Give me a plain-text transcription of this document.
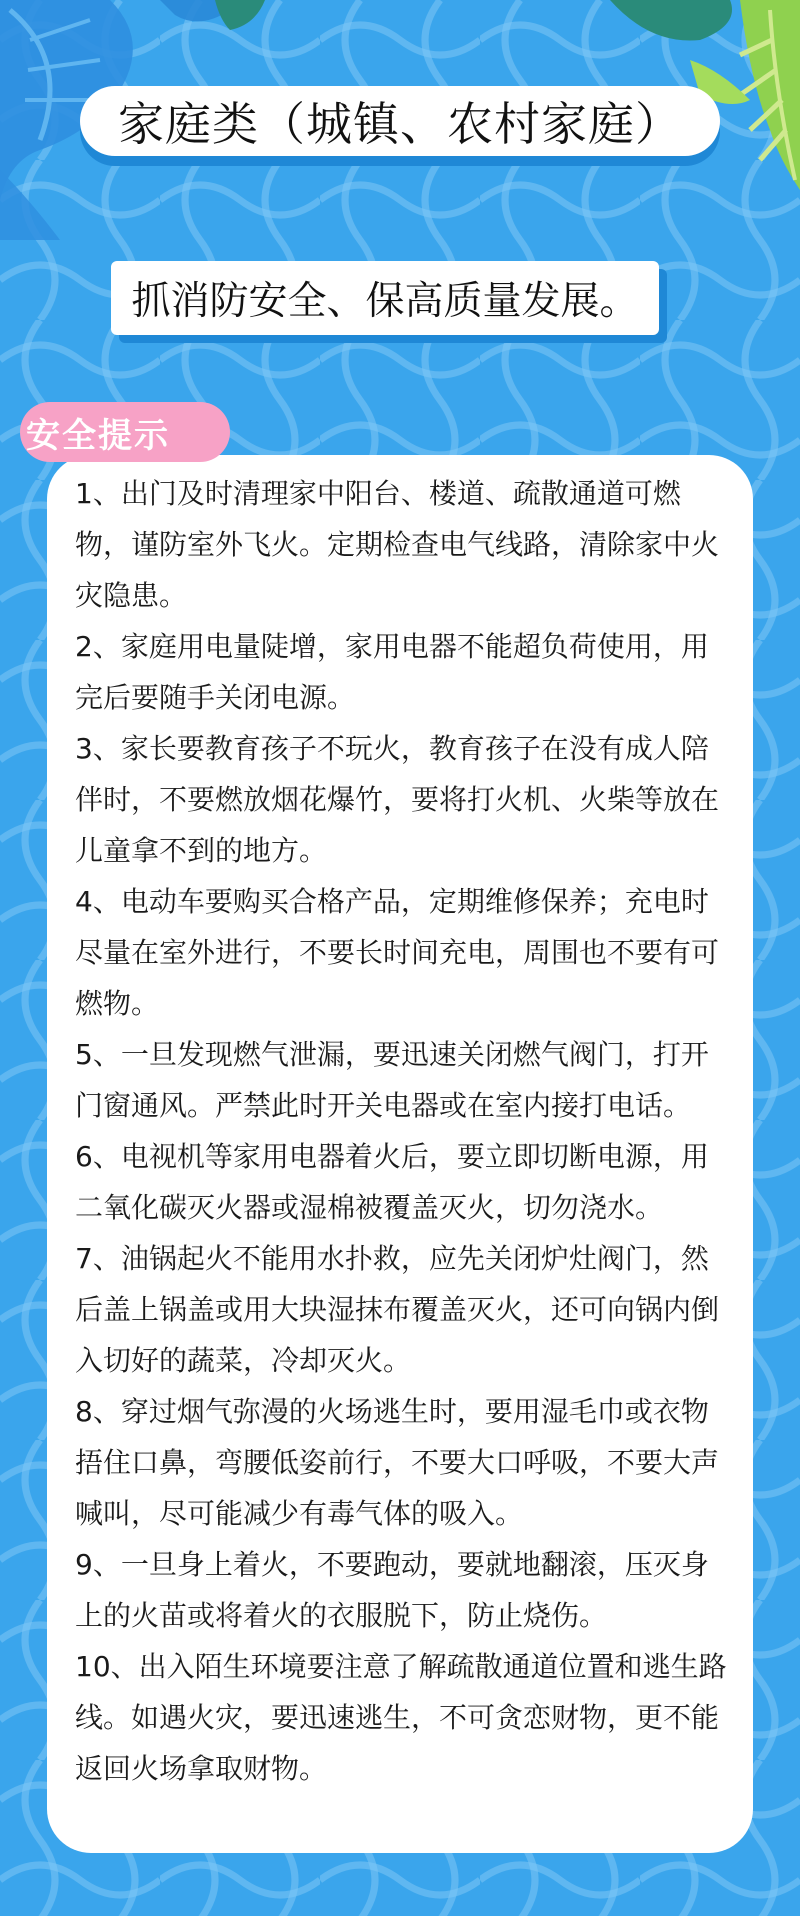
家庭类（城镇、农村家庭）
抓消防安全、保高质量发展。
安全提示

1、出门及时清理家中阳台、楼道、疏散通道可燃物，谨防室外飞火。定期检查电气线路，清除家中火灾隐患。

2、家庭用电量陡增，家用电器不能超负荷使用，用完后要随手关闭电源。

3、家长要教育孩子不玩火，教育孩子在没有成人陪伴时，不要燃放烟花爆竹，要将打火机、火柴等放在儿童拿不到的地方。

4、电动车要购买合格产品，定期维修保养；充电时尽量在室外进行，不要长时间充电，周围也不要有可燃物。

5、一旦发现燃气泄漏，要迅速关闭燃气阀门，打开门窗通风。严禁此时开关电器或在室内接打电话。

6、电视机等家用电器着火后，要立即切断电源，用二氧化碳灭火器或湿棉被覆盖灭火，切勿浇水。

7、油锅起火不能用水扑救，应先关闭炉灶阀门，然后盖上锅盖或用大块湿抹布覆盖灭火，还可向锅内倒入切好的蔬菜，冷却灭火。

8、穿过烟气弥漫的火场逃生时，要用湿毛巾或衣物捂住口鼻，弯腰低姿前行，不要大口呼吸，不要大声喊叫，尽可能减少有毒气体的吸入。

9、一旦身上着火，不要跑动，要就地翻滚，压灭身上的火苗或将着火的衣服脱下，防止烧伤。

10、出入陌生环境要注意了解疏散通道位置和逃生路线。如遇火灾，要迅速逃生，不可贪恋财物，更不能返回火场拿取财物。
